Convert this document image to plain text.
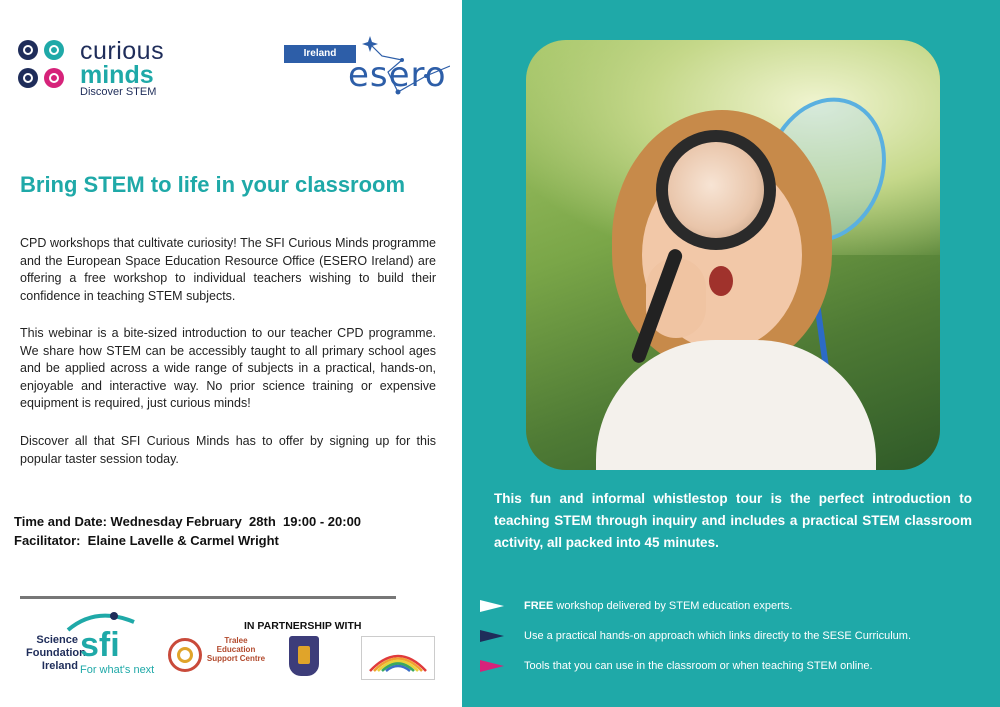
curious
minds
Discover STEM
Ireland
esero
Bring STEM to life in your classroom

CPD workshops that cultivate curiosity! The SFI Curious Minds programme and the European Space Education Resource Office (ESERO Ireland) are offering a free workshop to individual teachers wishing to build their confidence in teaching STEM subjects.

This webinar is a bite-sized introduction to our teacher CPD programme. We share how STEM can be accessibly taught to all primary school ages and be applied across a wide range of subjects in a practical, hands-on, enjoyable and interactive way. No prior science training or expensive equipment is required, just curious minds!

Discover all that SFI Curious Minds has to offer by signing up for this popular taster session today.

Time and Date: Wednesday February  28th  19:00 - 20:00
Facilitator:  Elaine Lavelle & Carmel Wright
IN PARTNERSHIP WITH
Science
Foundation
Ireland
sfi
For what's next
Tralee Education Support Centre

This fun and informal whistlestop tour is the perfect introduction to teaching STEM through inquiry and includes a practical STEM classroom activity, all packed into 45 minutes.

FREE workshop delivered by STEM education experts.
Use a practical hands-on approach which links directly to the SESE Curriculum.
Tools that you can use in the classroom or when teaching STEM online.
